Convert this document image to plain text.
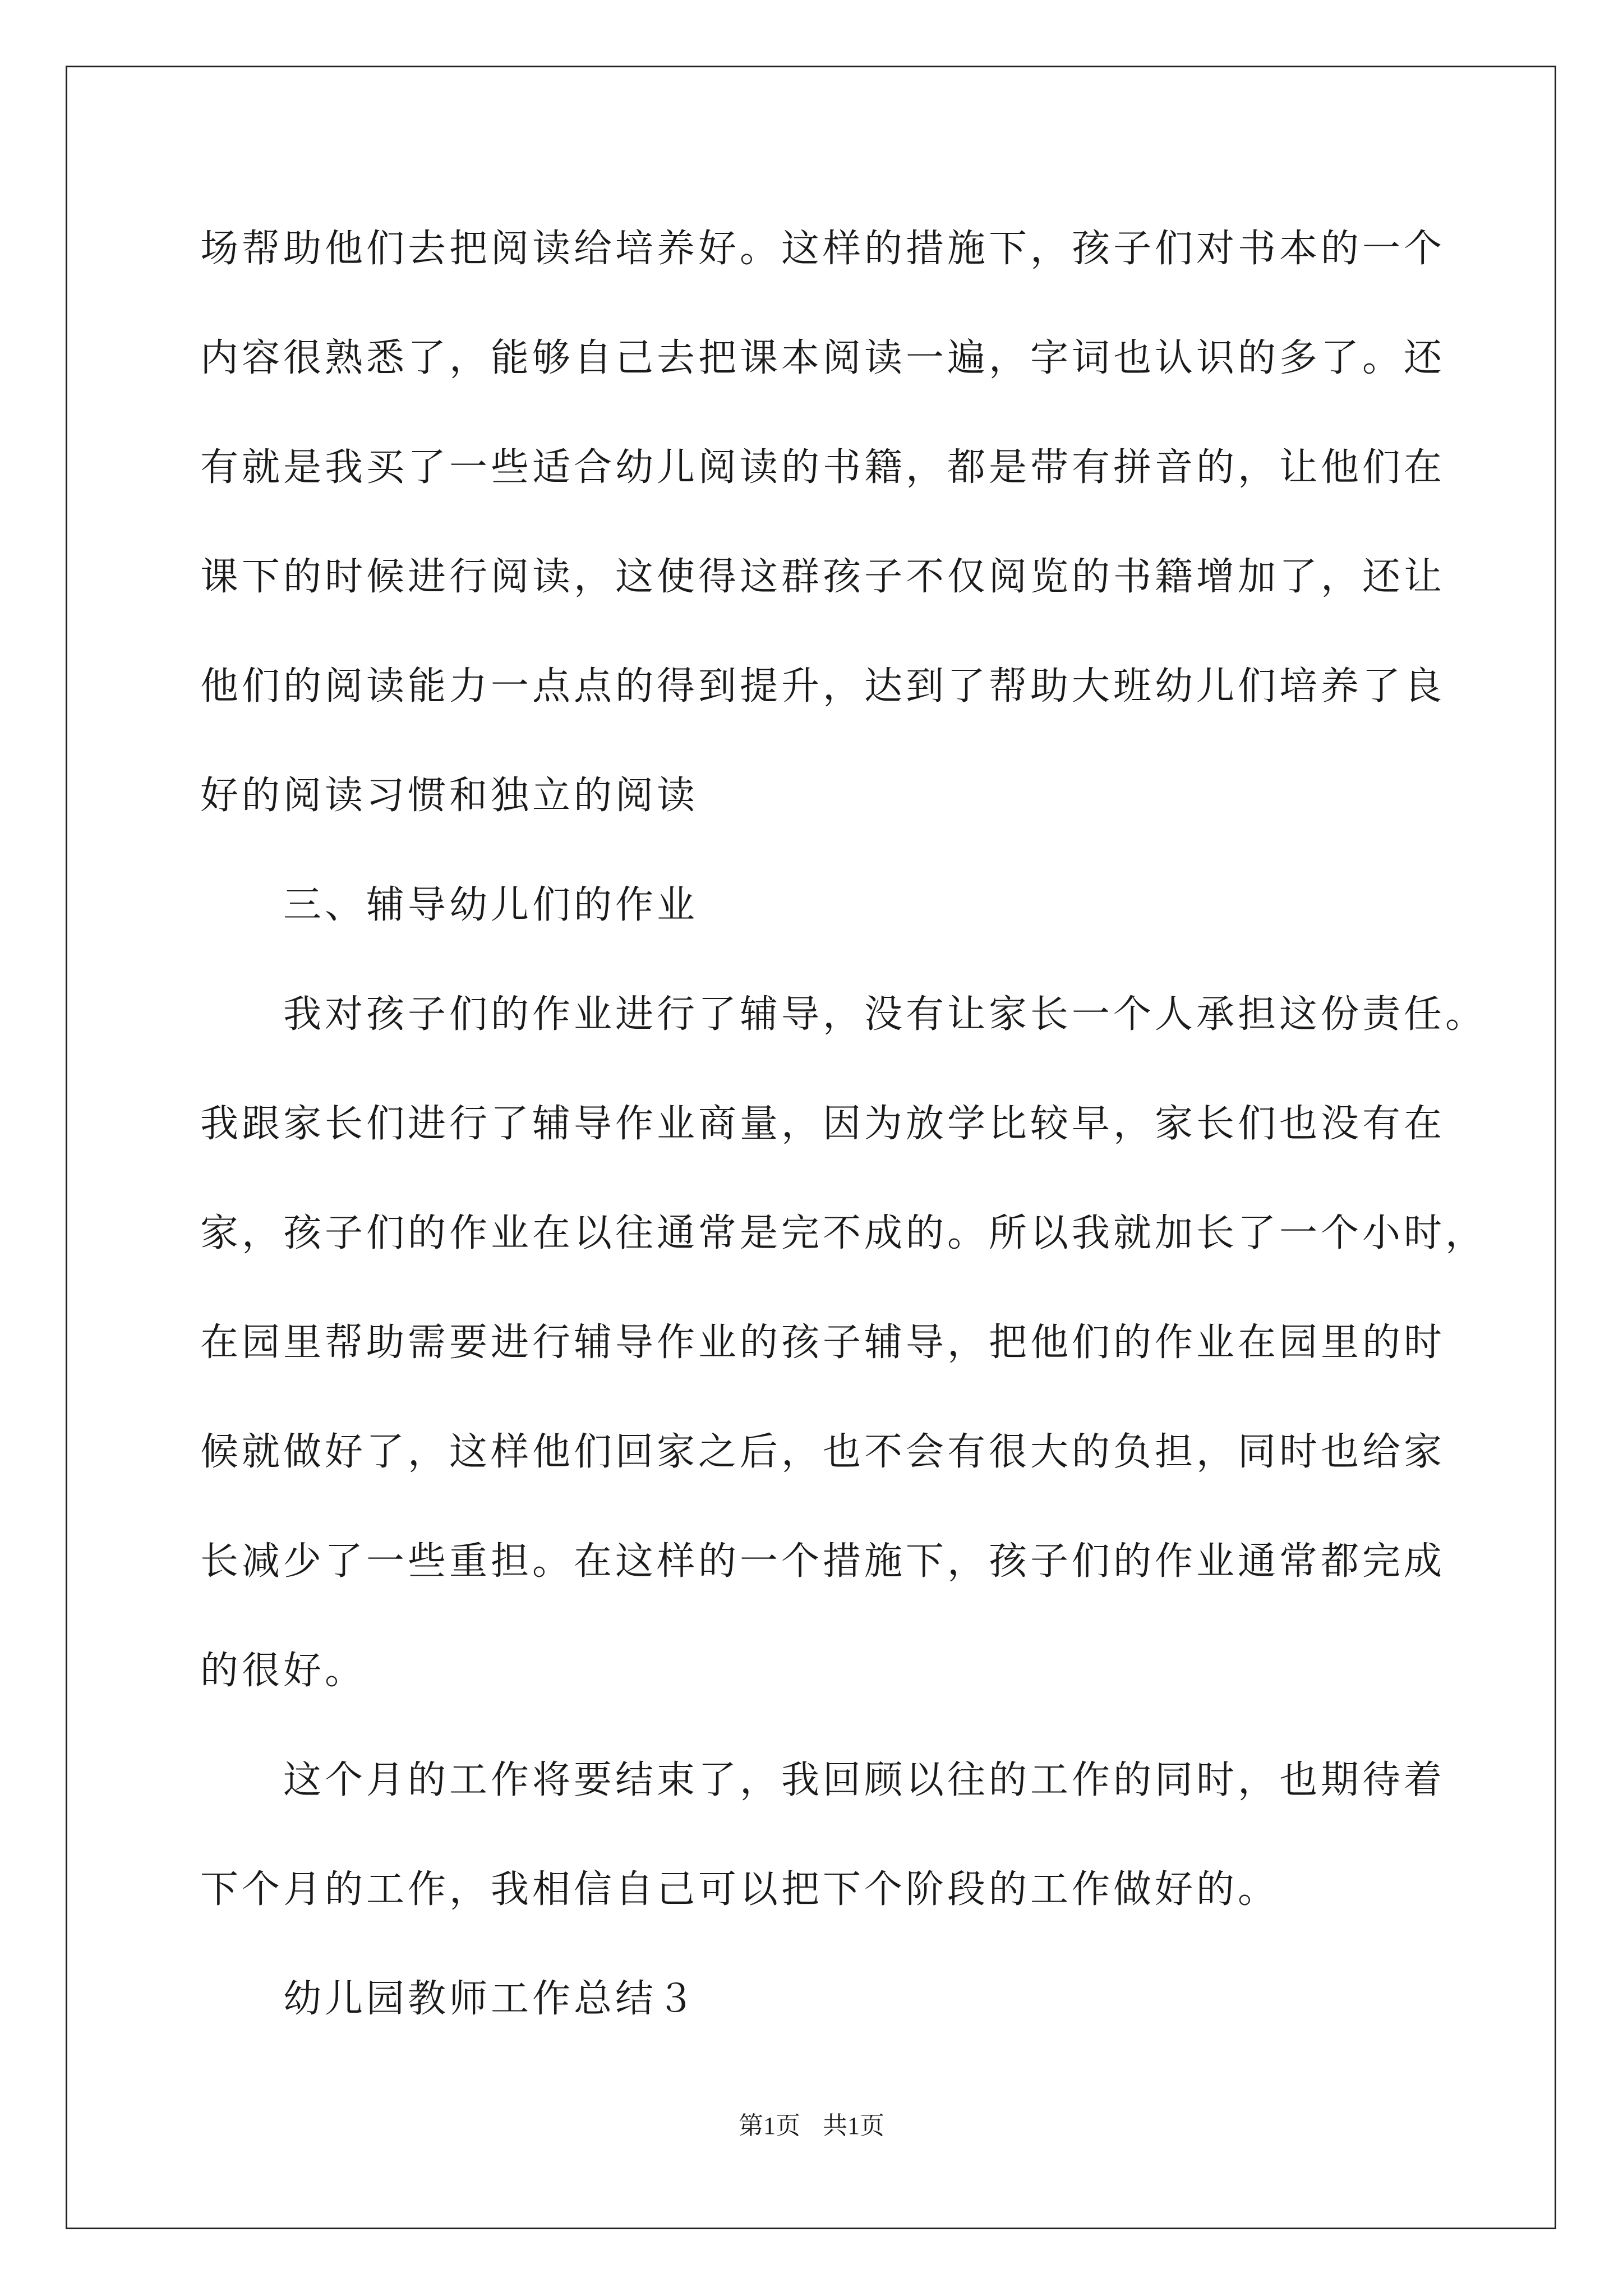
场帮助他们去把阅读给培养好。这样的措施下，孩子们对书本的一个
内容很熟悉了，能够自己去把课本阅读一遍，字词也认识的多了。还
有就是我买了一些适合幼儿阅读的书籍，都是带有拼音的，让他们在
课下的时候进行阅读，这使得这群孩子不仅阅览的书籍增加了，还让
他们的阅读能力一点点的得到提升，达到了帮助大班幼儿们培养了良
好的阅读习惯和独立的阅读
三、辅导幼儿们的作业
我对孩子们的作业进行了辅导，没有让家长一个人承担这份责任。
我跟家长们进行了辅导作业商量，因为放学比较早，家长们也没有在
家，孩子们的作业在以往通常是完不成的。所以我就加长了一个小时，
在园里帮助需要进行辅导作业的孩子辅导，把他们的作业在园里的时
候就做好了，这样他们回家之后，也不会有很大的负担，同时也给家
长减少了一些重担。在这样的一个措施下，孩子们的作业通常都完成
的很好。
这个月的工作将要结束了，我回顾以往的工作的同时，也期待着
下个月的工作，我相信自己可以把下个阶段的工作做好的。
幼儿园教师工作总结３
第1页 共1页
